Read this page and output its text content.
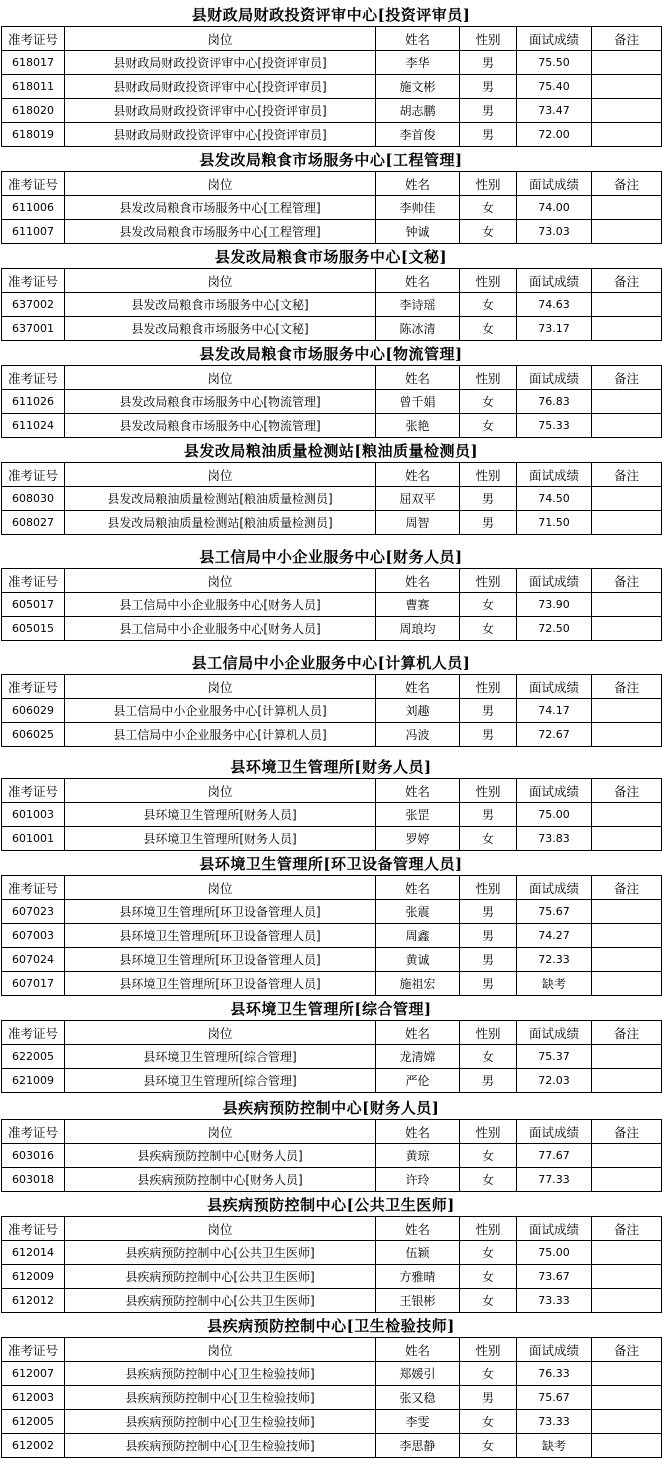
县财政局财政投资评审中心[投资评审员]
准考证号	岗位	姓名	性别	面试成绩	备注
618017	县财政局财政投资评审中心[投资评审员]	李华	男	75.50	
618011	县财政局财政投资评审中心[投资评审员]	施文彬	男	75.40	
618020	县财政局财政投资评审中心[投资评审员]	胡志鹏	男	73.47	
618019	县财政局财政投资评审中心[投资评审员]	李首俊	男	72.00	
县发改局粮食市场服务中心[工程管理]
准考证号	岗位	姓名	性别	面试成绩	备注
611006	县发改局粮食市场服务中心[工程管理]	李帅佳	女	74.00	
611007	县发改局粮食市场服务中心[工程管理]	钟诚	女	73.03	
县发改局粮食市场服务中心[文秘]
准考证号	岗位	姓名	性别	面试成绩	备注
637002	县发改局粮食市场服务中心[文秘]	李诗瑶	女	74.63	
637001	县发改局粮食市场服务中心[文秘]	陈冰清	女	73.17	
县发改局粮食市场服务中心[物流管理]
准考证号	岗位	姓名	性别	面试成绩	备注
611026	县发改局粮食市场服务中心[物流管理]	曾千娟	女	76.83	
611024	县发改局粮食市场服务中心[物流管理]	张艳	女	75.33	
县发改局粮油质量检测站[粮油质量检测员]
准考证号	岗位	姓名	性别	面试成绩	备注
608030	县发改局粮油质量检测站[粮油质量检测员]	屈双平	男	74.50	
608027	县发改局粮油质量检测站[粮油质量检测员]	周智	男	71.50	
县工信局中小企业服务中心[财务人员]
准考证号	岗位	姓名	性别	面试成绩	备注
605017	县工信局中小企业服务中心[财务人员]	曹赛	女	73.90	
605015	县工信局中小企业服务中心[财务人员]	周琅均	女	72.50	
县工信局中小企业服务中心[计算机人员]
准考证号	岗位	姓名	性别	面试成绩	备注
606029	县工信局中小企业服务中心[计算机人员]	刘趣	男	74.17	
606025	县工信局中小企业服务中心[计算机人员]	冯波	男	72.67	
县环境卫生管理所[财务人员]
准考证号	岗位	姓名	性别	面试成绩	备注
601003	县环境卫生管理所[财务人员]	张罡	男	75.00	
601001	县环境卫生管理所[财务人员]	罗婷	女	73.83	
县环境卫生管理所[环卫设备管理人员]
准考证号	岗位	姓名	性别	面试成绩	备注
607023	县环境卫生管理所[环卫设备管理人员]	张震	男	75.67	
607003	县环境卫生管理所[环卫设备管理人员]	周鑫	男	74.27	
607024	县环境卫生管理所[环卫设备管理人员]	黄诚	男	72.33	
607017	县环境卫生管理所[环卫设备管理人员]	施祖宏	男	缺考	
县环境卫生管理所[综合管理]
准考证号	岗位	姓名	性别	面试成绩	备注
622005	县环境卫生管理所[综合管理]	龙清嫦	女	75.37	
621009	县环境卫生管理所[综合管理]	严伦	男	72.03	
县疾病预防控制中心[财务人员]
准考证号	岗位	姓名	性别	面试成绩	备注
603016	县疾病预防控制中心[财务人员]	黄琼	女	77.67	
603018	县疾病预防控制中心[财务人员]	许玲	女	77.33	
县疾病预防控制中心[公共卫生医师]
准考证号	岗位	姓名	性别	面试成绩	备注
612014	县疾病预防控制中心[公共卫生医师]	伍颖	女	75.00	
612009	县疾病预防控制中心[公共卫生医师]	方雅晴	女	73.67	
612012	县疾病预防控制中心[公共卫生医师]	王银彬	女	73.33	
县疾病预防控制中心[卫生检验技师]
准考证号	岗位	姓名	性别	面试成绩	备注
612007	县疾病预防控制中心[卫生检验技师]	郑媛引	女	76.33	
612003	县疾病预防控制中心[卫生检验技师]	张又稳	男	75.67	
612005	县疾病预防控制中心[卫生检验技师]	李雯	女	73.33	
612002	县疾病预防控制中心[卫生检验技师]	李思静	女	缺考	
